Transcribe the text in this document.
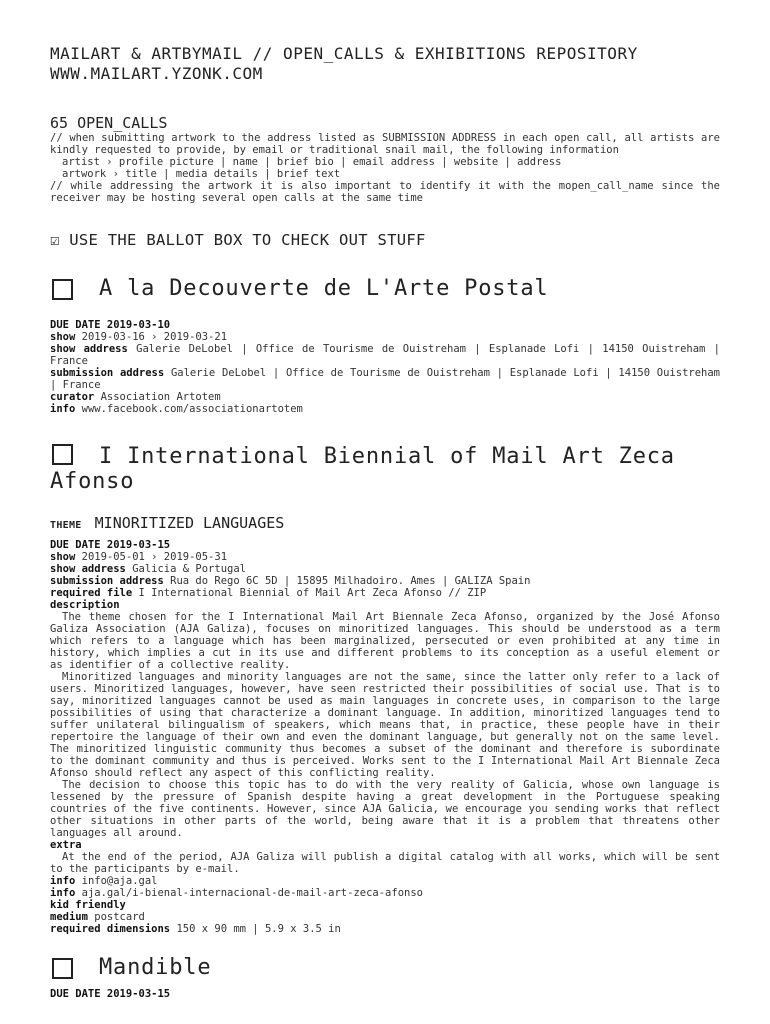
MAILART & ARTBYMAIL // OPEN_CALLS & EXHIBITIONS REPOSITORY
WWW.MAILART.YZONK.COM
65 OPEN_CALLS
// when submitting artwork to the address listed as SUBMISSION ADDRESS in each open call, all artists are kindly requested to provide, by email or traditional snail mail, the following information
artist › profile picture | name | brief bio | email address | website | address
artwork › title | media details | brief text
// while addressing the artwork it is also important to identify it with the mopen_call_name since the receiver may be hosting several open calls at the same time
☑ USE THE BALLOT BOX TO CHECK OUT STUFF
A la Decouverte de L'Arte Postal
DUE DATE 2019-03-10
show 2019-03-16 › 2019-03-21
show address Galerie DeLobel | Office de Tourisme de Ouistreham | Esplanade Lofi | 14150 Ouistreham | France
submission address Galerie DeLobel | Office de Tourisme de Ouistreham | Esplanade Lofi | 14150 Ouistreham | France
curator Association Artotem
info www.facebook.com/associationartotem
I International Biennial of Mail Art Zeca Afonso
THEME MINORITIZED LANGUAGES
DUE DATE 2019-03-15
show 2019-05-01 › 2019-05-31
show address Galicia & Portugal
submission address Rua do Rego 6C 5D | 15895 Milhadoiro. Ames | GALIZA Spain
required file I International Biennial of Mail Art Zeca Afonso // ZIP
description
The theme chosen for the I International Mail Art Biennale Zeca Afonso, organized by the José Afonso Galiza Association (AJA Galiza), focuses on minoritized languages. This should be understood as a term which refers to a language which has been marginalized, persecuted or even prohibited at any time in history, which implies a cut in its use and different problems to its conception as a useful element or as identifier of a collective reality.
Minoritized languages and minority languages are not the same, since the latter only refer to a lack of users. Minoritized languages, however, have seen restricted their possibilities of social use. That is to say, minoritized languages cannot be used as main languages in concrete uses, in comparison to the large possibilities of using that characterize a dominant language. In addition, minoritized languages tend to suffer unilateral bilingualism of speakers, which means that, in practice, these people have in their repertoire the language of their own and even the dominant language, but generally not on the same level. The minoritized linguistic community thus becomes a subset of the dominant and therefore is subordinate to the dominant community and thus is perceived. Works sent to the I International Mail Art Biennale Zeca Afonso should reflect any aspect of this conflicting reality.
The decision to choose this topic has to do with the very reality of Galicia, whose own language is lessened by the pressure of Spanish despite having a great development in the Portuguese speaking countries of the five continents. However, since AJA Galicia, we encourage you sending works that reflect other situations in other parts of the world, being aware that it is a problem that threatens other languages all around.
extra
At the end of the period, AJA Galiza will publish a digital catalog with all works, which will be sent to the participants by e-mail.
info info@aja.gal
info aja.gal/i-bienal-internacional-de-mail-art-zeca-afonso
kid friendly
medium postcard
required dimensions 150 x 90 mm | 5.9 x 3.5 in
Mandible
DUE DATE 2019-03-15
